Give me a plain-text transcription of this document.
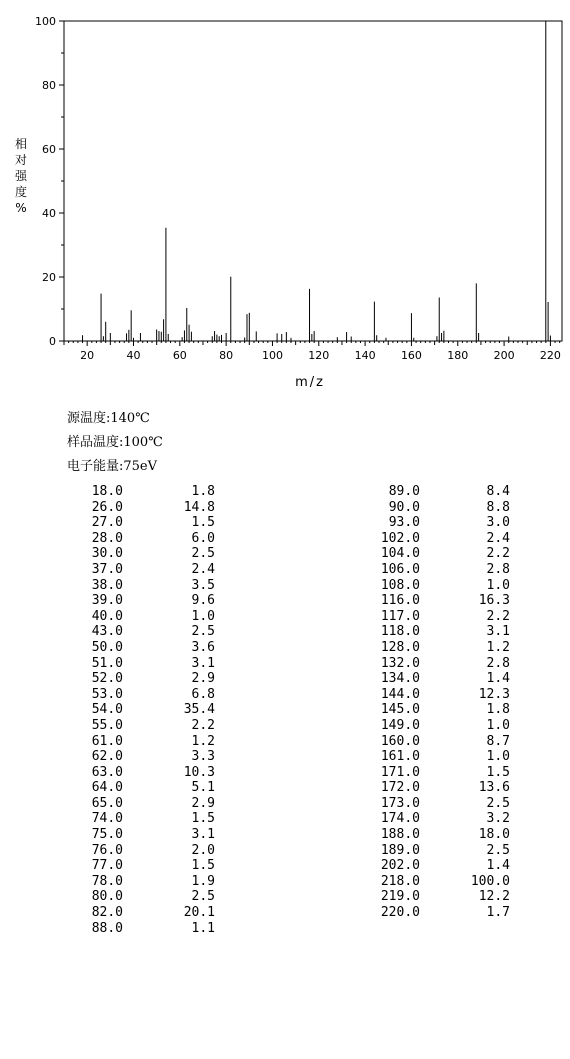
0
20
40
60
80
100
20	40	60	80	100 120 140 160 180 200 220
m/z
相对强度%
源温度:140℃
样品温度:100℃
电子能量:75eV
18.0	1.8
26.0	14.8
27.0	1.5
28.0	6.0
30.0	2.5
37.0	2.4
38.0	3.5
39.0	9.6
40.0	1.0
43.0	2.5
50.0	3.6
51.0	3.1
52.0	2.9
53.0	6.8
54.0	35.4
55.0	2.2
61.0	1.2
62.0	3.3
63.0	10.3
64.0	5.1
65.0	2.9
74.0	1.5
75.0	3.1
76.0	2.0
77.0	1.5
78.0	1.9
80.0	2.5
82.0	20.1
88.0	1.1
89.0	8.4
90.0	8.8
93.0	3.0
102.0	2.4
104.0	2.2
106.0	2.8
108.0	1.0
116.0	16.3
117.0	2.2
118.0	3.1
128.0	1.2
132.0	2.8
134.0	1.4
144.0	12.3
145.0	1.8
149.0	1.0
160.0	8.7
161.0	1.0
171.0	1.5
172.0	13.6
173.0	2.5
174.0	3.2
188.0	18.0
189.0	2.5
202.0	1.4
218.0	100.0
219.0	12.2
220.0	1.7
